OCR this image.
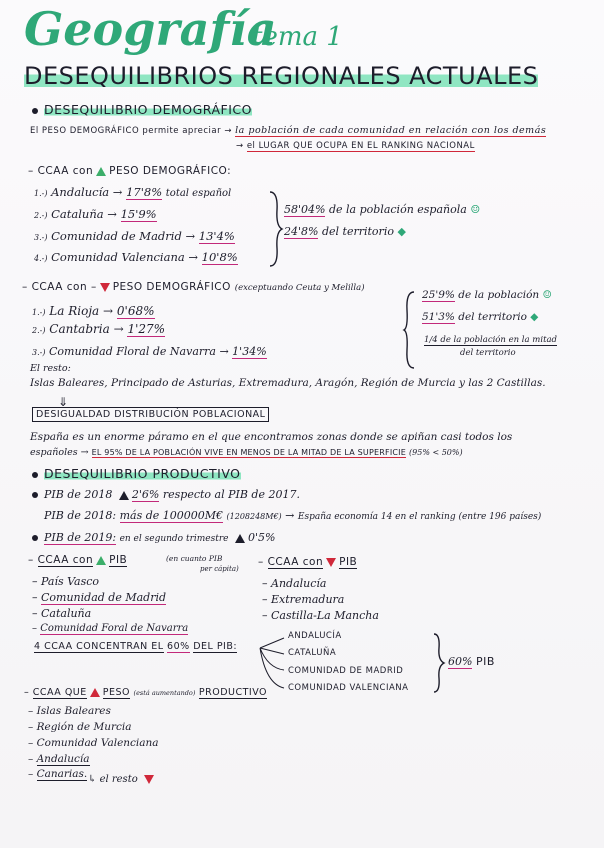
Geografía
tema 1
DESEQUILIBRIOS REGIONALES ACTUALES
DESEQUILIBRIO DEMOGRÁFICO
El PESO DEMOGRÁFICO permite apreciar → la población de cada comunidad en relación con los demás
→ el LUGAR QUE OCUPA EN EL RANKING NACIONAL
– CCAA con PESO DEMOGRÁFICO:
1.-) Andalucía → 17'8% total español
2.-) Cataluña → 15'9%
3.-) Comunidad de Madrid → 13'4%
4.-) Comunidad Valenciana → 10'8%
58'04% de la población española ☺
24'8% del territorio ◆
– CCAA con – PESO DEMOGRÁFICO (exceptuando Ceuta y Melilla)
1.-) La Rioja → 0'68%
2.-) Cantabria → 1'27%
3.-) Comunidad Floral de Navarra → 1'34%
25'9% de la población ☺
51'3% del territorio ◆
1/4 de la población en la mitad
del territorio
El resto:
Islas Baleares, Principado de Asturias, Extremadura, Aragón, Región de Murcia y las 2 Castillas.
⇓
DESIGUALDAD DISTRIBUCIÓN POBLACIONAL
España es un enorme páramo en el que encontramos zonas donde se apiñan casi todos los
españoles → EL 95% DE LA POBLACIÓN VIVE EN MENOS DE LA MITAD DE LA SUPERFICIE (95% < 50%)
DESEQUILIBRIO PRODUCTIVO
PIB de 2018 2'6% respecto al PIB de 2017.
PIB de 2018: más de 100000M€ (1208248M€) → España economía 14 en el ranking (entre 196 países)
PIB de 2019: en el segundo trimestre 0'5%
– CCAA con PIB	(en cuanto PIB
per cápita)
– País Vasco
– Comunidad de Madrid
– Cataluña
– Comunidad Foral de Navarra
– CCAA con PIB
– Andalucía
– Extremadura
– Castilla-La Mancha
4 CCAA CONCENTRAN EL 60% DEL PIB:
ANDALUCÍA
CATALUÑA
COMUNIDAD DE MADRID
COMUNIDAD VALENCIANA
60% PIB
– CCAA QUE PESO (está aumentando) PRODUCTIVO
– Islas Baleares
– Región de Murcia
– Comunidad Valenciana
– Andalucía
– Canarias. ↳ el resto
